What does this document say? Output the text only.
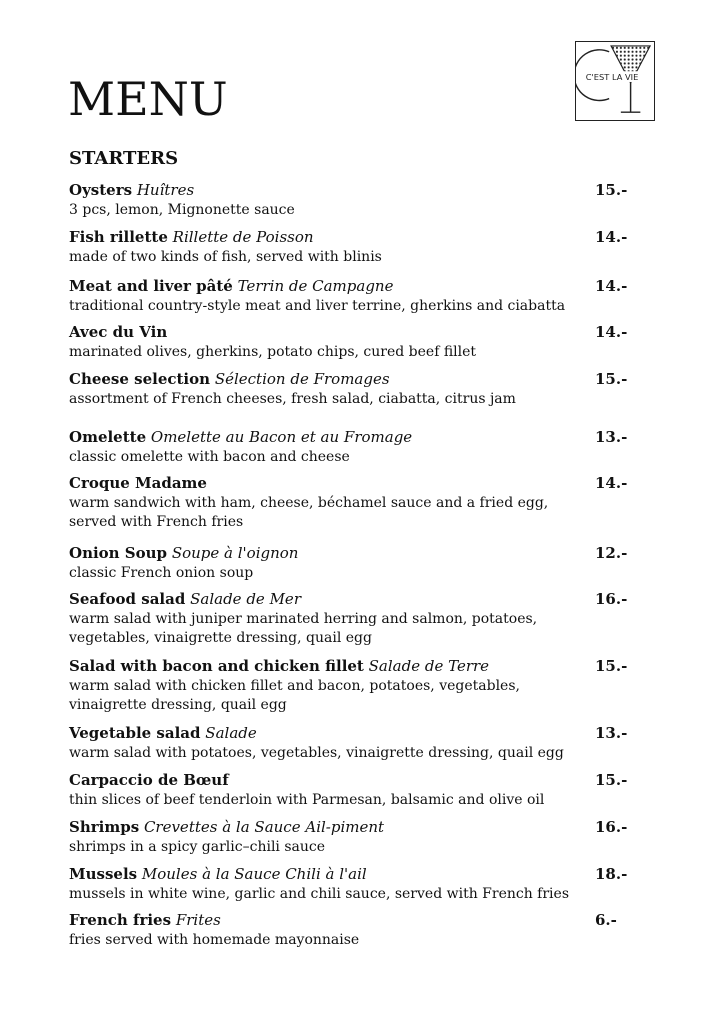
MENU	C'EST LA VIE
STARTERS
Oysters Huîtres	15.-
3 pcs, lemon, Mignonette sauce
Fish rillette Rillette de Poisson	14.-
made of two kinds of fish, served with blinis
Meat and liver pâté Terrin de Campagne	14.-
traditional country-style meat and liver terrine, gherkins and ciabatta
Avec du Vin	14.-
marinated olives, gherkins, potato chips, cured beef fillet
Cheese selection Sélection de Fromages	15.-
assortment of French cheeses, fresh salad, ciabatta, citrus jam
Omelette Omelette au Bacon et au Fromage	13.-
classic omelette with bacon and cheese
Croque Madame	14.-
warm sandwich with ham, cheese, béchamel sauce and a fried egg, served with French fries
Onion Soup Soupe à l'oignon	12.-
classic French onion soup
Seafood salad Salade de Mer	16.-
warm salad with juniper marinated herring and salmon, potatoes, vegetables, vinaigrette dressing, quail egg
Salad with bacon and chicken fillet Salade de Terre	15.-
warm salad with chicken fillet and bacon, potatoes, vegetables, vinaigrette dressing, quail egg
Vegetable salad Salade	13.-
warm salad with potatoes, vegetables, vinaigrette dressing, quail egg
Carpaccio de Bœuf	15.-
thin slices of beef tenderloin with Parmesan, balsamic and olive oil
Shrimps Crevettes à la Sauce Ail-piment	16.-
shrimps in a spicy garlic–chili sauce
Mussels Moules à la Sauce Chili à l'ail	18.-
mussels in white wine, garlic and chili sauce, served with French fries
French fries Frites	6.-
fries served with homemade mayonnaise
